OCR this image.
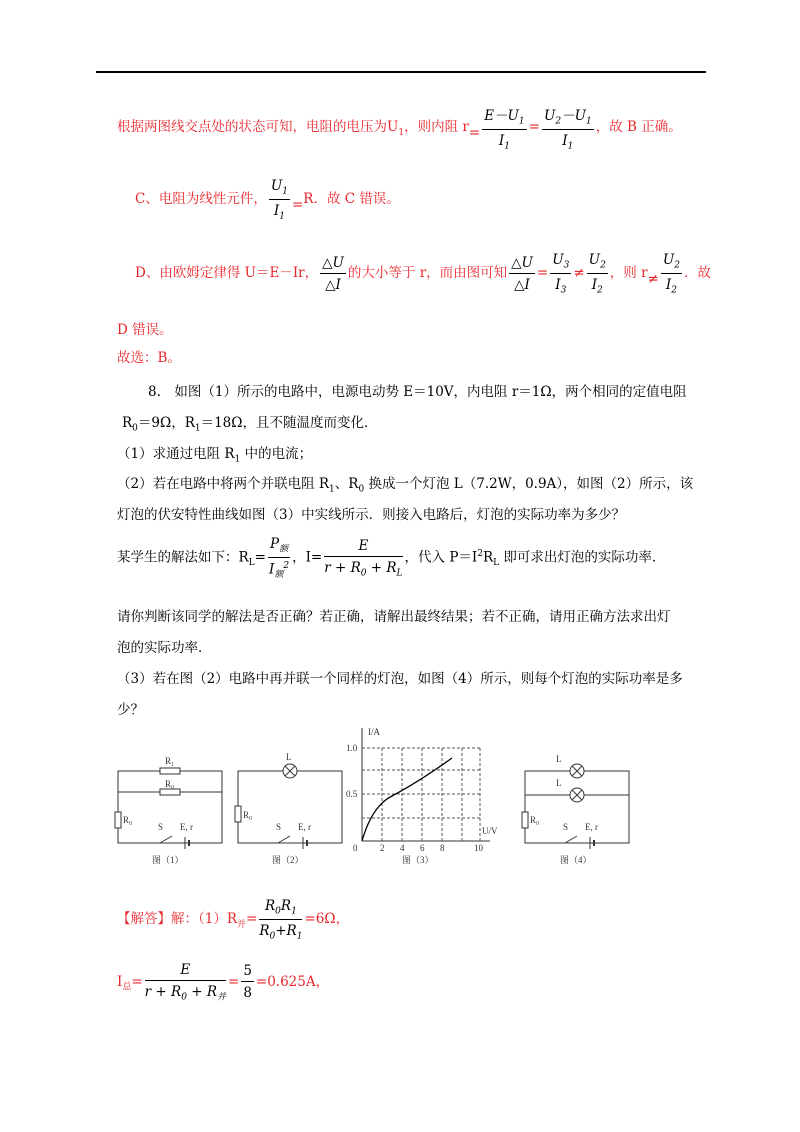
根据两图线交点处的状态可知，电阻的电压为$U_1$，则内阻 $r= \frac{E-U_1}{I_1} = \frac{U_2-U_1}{I_1}$ ，故 B 正确。
C、电阻为线性元件， $\frac{U_1}{I_1} =R$．故 C 错误。
D、由欧姆定律得 U＝E－Ir， $\frac{\triangle U}{\triangle I}$ 的大小等于 r，而由图可知 $\frac{\triangle U}{\triangle I} = \frac{U_3}{I_3} \ne \frac{U_2}{I_2}$ ，则 $r\ne \frac{U_2}{I_2}$ ．故
D 错误。
故选：B。
8.　如图（1）所示的电路中，电源电动势 E＝10V，内电阻 r＝1Ω，两个相同的定值电阻
$R_0=9\Omega$，$R_1=18\Omega$，且不随温度而变化．
（1）求通过电阻 $R_1$ 中的电流；
（2）若在电路中将两个并联电阻 $R_1$、$R_0$ 换成一个灯泡 L（7.2W，0.9A），如图（2）所示，该
灯泡的伏安特性曲线如图（3）中实线所示．则接入电路后，灯泡的实际功率为多少？
某学生的解法如下：$R_L= \frac{P_额}{I_额^2}$ ，$I= \frac{E}{r + R_0 + R_L}$ ，代入 $P=I^2R_L$ 即可求出灯泡的实际功率．
请你判断该同学的解法是否正确？若正确，请解出最终结果；若不正确，请用正确方法求出灯
泡的实际功率．
（3）若在图（2）电路中再并联一个同样的灯泡，如图（4）所示，则每个灯泡的实际功率是多
少？
R₁
R₀
R₀
S E, r
图（1）
L
R₀
S E, r
图（2）
I/A
U/V
1.0
0.5
0	2 4 6 8	10
图（3）
L
L
R₀
S E, r
图（4）
【解答】解：$(1)R_并= \frac{R_0R_1}{R_0+R_1} =6\Omega$，
$I_总= \frac{E}{r + R_0 + R_并} = \frac{5}{8} =0.625A$，
